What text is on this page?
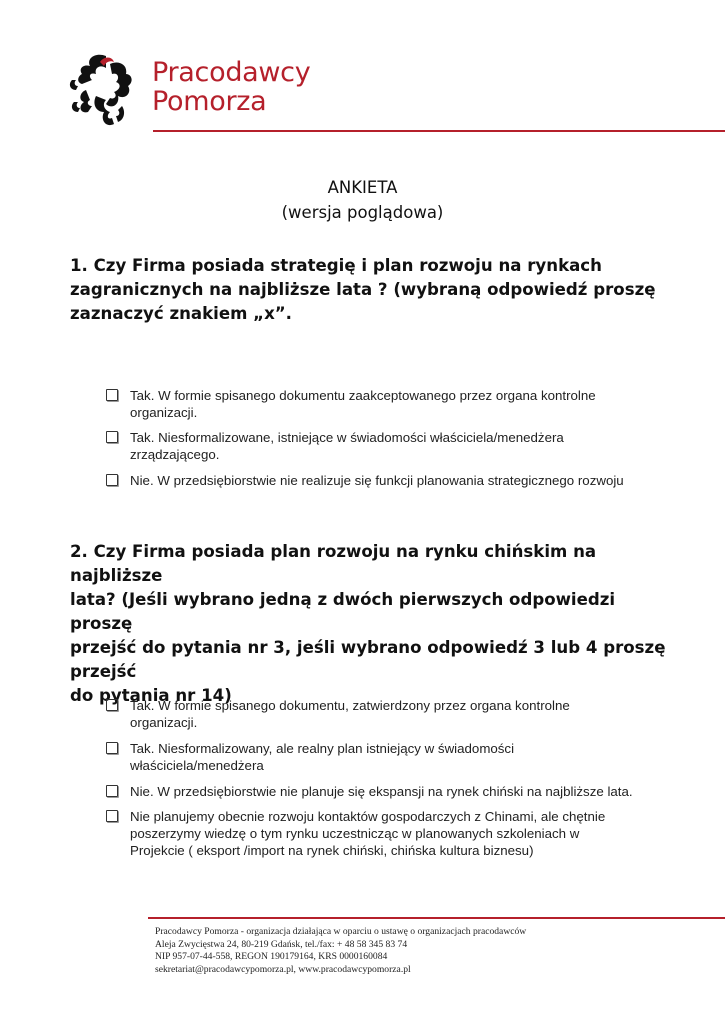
Pracodawcy
Pomorza
ANKIETA
(wersja poglądowa)
1. Czy Firma posiada strategię i plan rozwoju na rynkach
zagranicznych na najbliższe lata ? (wybraną odpowiedź proszę
zaznaczyć znakiem „x”.
Tak. W formie spisanego dokumentu zaakceptowanego przez organa kontrolne
organizacji.
Tak. Niesformalizowane, istniejące w świadomości właściciela/menedżera
zrządzającego.
Nie. W przedsiębiorstwie nie realizuje się funkcji planowania strategicznego rozwoju
2. Czy Firma posiada plan rozwoju na rynku chińskim na najbliższe
lata? (Jeśli wybrano jedną z dwóch pierwszych odpowiedzi proszę
przejść do pytania nr 3, jeśli wybrano odpowiedź 3 lub 4 proszę przejść
do pytania nr 14)
Tak. W formie spisanego dokumentu, zatwierdzony przez organa kontrolne
organizacji.
Tak. Niesformalizowany, ale realny plan istniejący w świadomości
właściciela/menedżera
Nie. W przedsiębiorstwie nie planuje się ekspansji na rynek chiński na najbliższe lata.
Nie planujemy obecnie rozwoju kontaktów gospodarczych z Chinami, ale chętnie
poszerzymy wiedzę o tym rynku uczestnicząc w planowanych szkoleniach w
Projekcie ( eksport /import na rynek chiński, chińska kultura biznesu)
Pracodawcy Pomorza - organizacja działająca w oparciu o ustawę o organizacjach pracodawców
Aleja Zwycięstwa 24, 80-219 Gdańsk, tel./fax: + 48 58 345 83 74
NIP 957-07-44-558, REGON 190179164, KRS 0000160084
sekretariat@pracodawcypomorza.pl, www.pracodawcypomorza.pl
